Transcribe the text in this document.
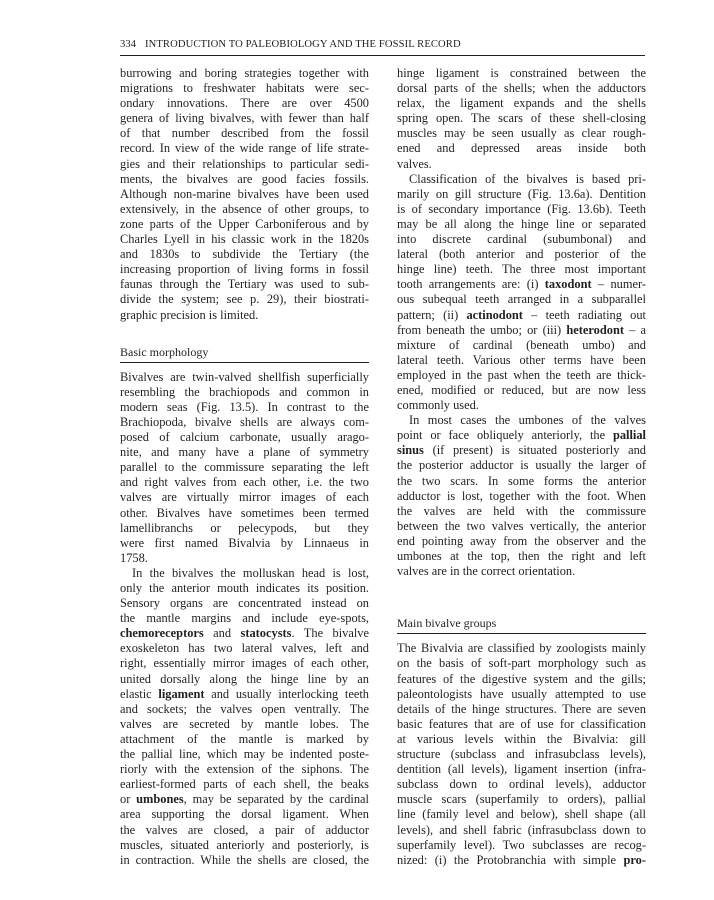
334 INTRODUCTION TO PALEOBIOLOGY AND THE FOSSIL RECORD
burrowing and boring strategies together with
migrations to freshwater habitats were sec-
ondary innovations. There are over 4500
genera of living bivalves, with fewer than half
of that number described from the fossil
record. In view of the wide range of life strate-
gies and their relationships to particular sedi-
ments, the bivalves are good facies fossils.
Although non-marine bivalves have been used
extensively, in the absence of other groups, to
zone parts of the Upper Carboniferous and by
Charles Lyell in his classic work in the 1820s
and 1830s to subdivide the Tertiary (the
increasing proportion of living forms in fossil
faunas through the Tertiary was used to sub-
divide the system; see p. 29), their biostrati-
graphic precision is limited.
Basic morphology
Bivalves are twin-valved shellfish superficially
resembling the brachiopods and common in
modern seas (Fig. 13.5). In contrast to the
Brachiopoda, bivalve shells are always com-
posed of calcium carbonate, usually arago-
nite, and many have a plane of symmetry
parallel to the commissure separating the left
and right valves from each other, i.e. the two
valves are virtually mirror images of each
other. Bivalves have sometimes been termed
lamellibranchs or pelecypods, but they
were first named Bivalvia by Linnaeus in
1758.
In the bivalves the molluskan head is lost,
only the anterior mouth indicates its position.
Sensory organs are concentrated instead on
the mantle margins and include eye-spots,
chemoreceptors and statocysts. The bivalve
exoskeleton has two lateral valves, left and
right, essentially mirror images of each other,
united dorsally along the hinge line by an
elastic ligament and usually interlocking teeth
and sockets; the valves open ventrally. The
valves are secreted by mantle lobes. The
attachment of the mantle is marked by
the pallial line, which may be indented poste-
riorly with the extension of the siphons. The
earliest-formed parts of each shell, the beaks
or umbones, may be separated by the cardinal
area supporting the dorsal ligament. When
the valves are closed, a pair of adductor
muscles, situated anteriorly and posteriorly, is
in contraction. While the shells are closed, the
hinge ligament is constrained between the
dorsal parts of the shells; when the adductors
relax, the ligament expands and the shells
spring open. The scars of these shell-closing
muscles may be seen usually as clear rough-
ened and depressed areas inside both
valves.
Classification of the bivalves is based pri-
marily on gill structure (Fig. 13.6a). Dentition
is of secondary importance (Fig. 13.6b). Teeth
may be all along the hinge line or separated
into discrete cardinal (subumbonal) and
lateral (both anterior and posterior of the
hinge line) teeth. The three most important
tooth arrangements are: (i) taxodont – numer-
ous subequal teeth arranged in a subparallel
pattern; (ii) actinodont – teeth radiating out
from beneath the umbo; or (iii) heterodont – a
mixture of cardinal (beneath umbo) and
lateral teeth. Various other terms have been
employed in the past when the teeth are thick-
ened, modified or reduced, but are now less
commonly used.
In most cases the umbones of the valves
point or face obliquely anteriorly, the pallial
sinus (if present) is situated posteriorly and
the posterior adductor is usually the larger of
the two scars. In some forms the anterior
adductor is lost, together with the foot. When
the valves are held with the commissure
between the two valves vertically, the anterior
end pointing away from the observer and the
umbones at the top, then the right and left
valves are in the correct orientation.
Main bivalve groups
The Bivalvia are classified by zoologists mainly
on the basis of soft-part morphology such as
features of the digestive system and the gills;
paleontologists have usually attempted to use
details of the hinge structures. There are seven
basic features that are of use for classification
at various levels within the Bivalvia: gill
structure (subclass and infrasubclass levels),
dentition (all levels), ligament insertion (infra-
subclass down to ordinal levels), adductor
muscle scars (superfamily to orders), pallial
line (family level and below), shell shape (all
levels), and shell fabric (infrasubclass down to
superfamily level). Two subclasses are recog-
nized: (i) the Protobranchia with simple pro-
